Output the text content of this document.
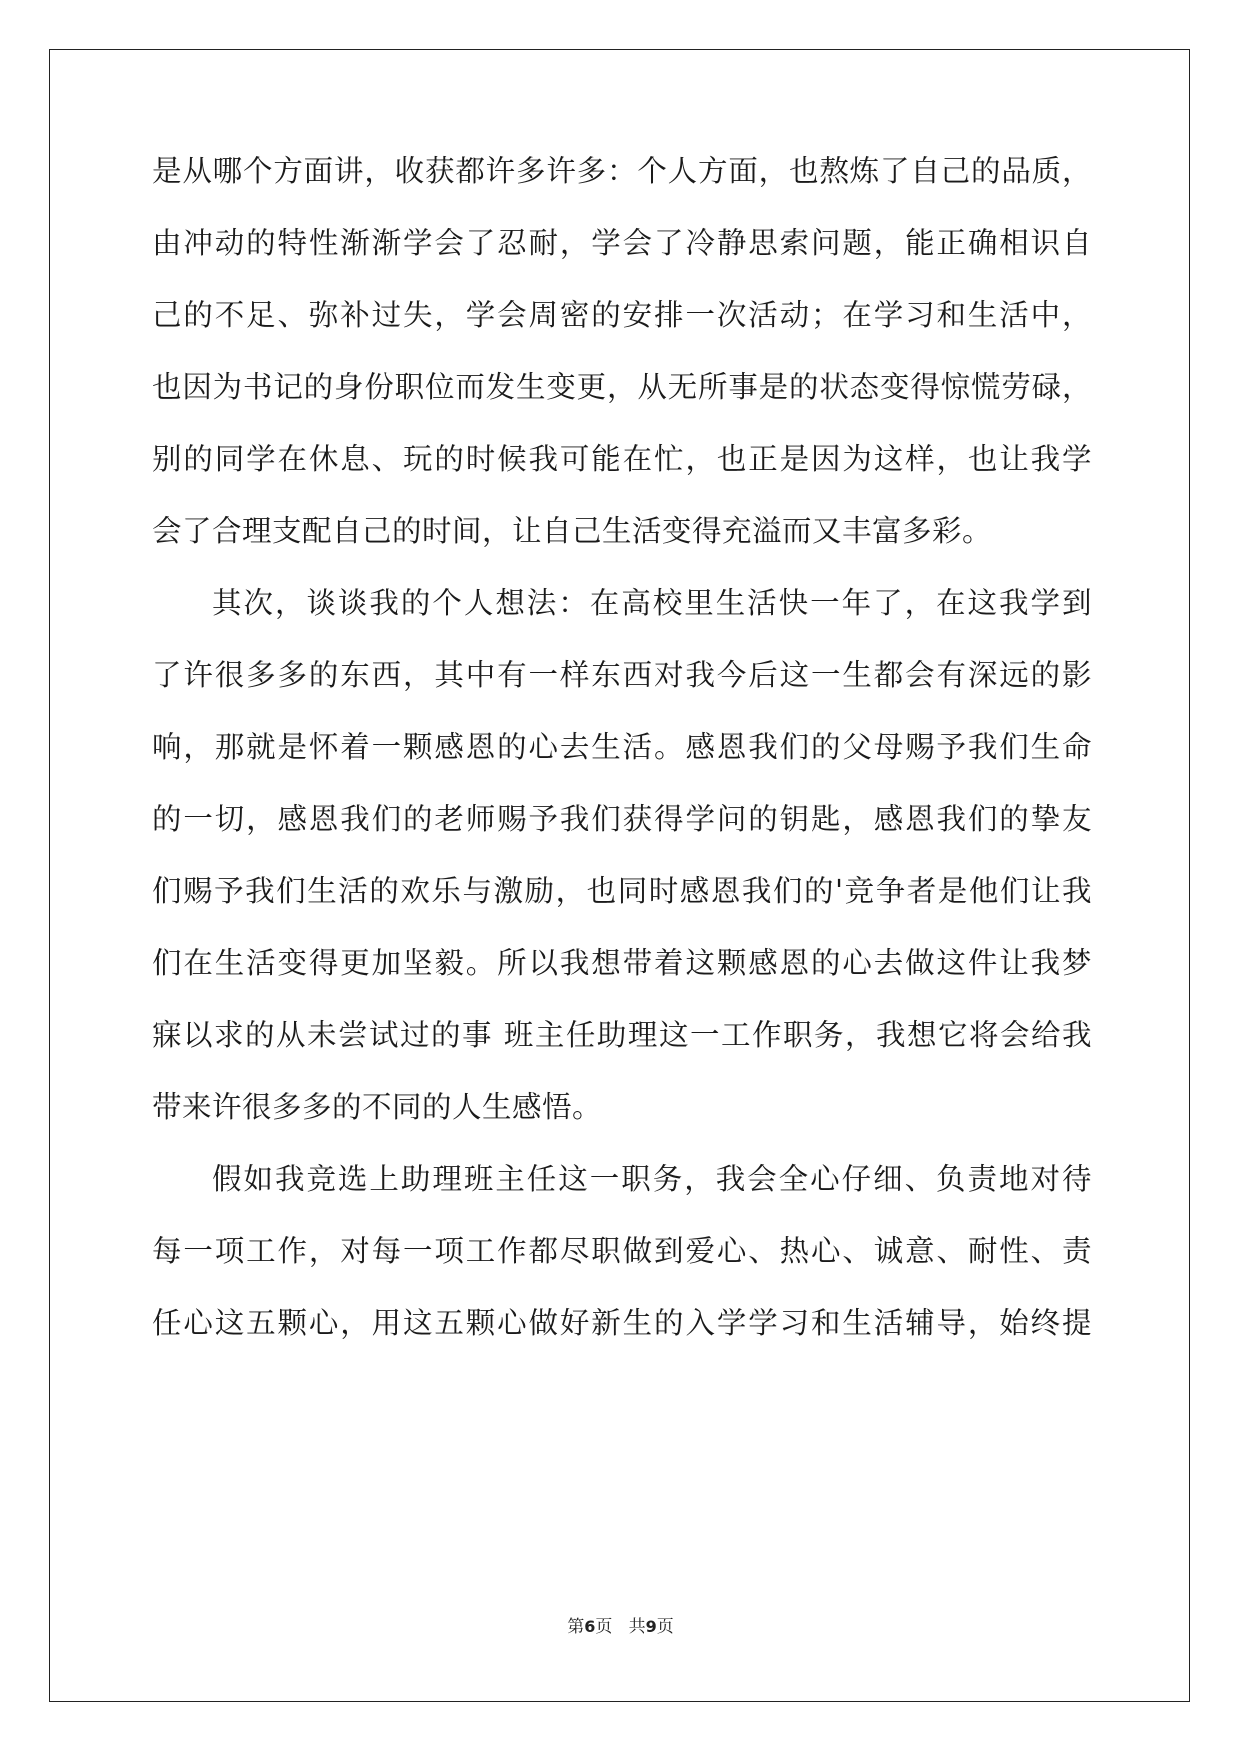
是从哪个方面讲，收获都许多许多：个人方面，也熬炼了自己的品质，
由冲动的特性渐渐学会了忍耐，学会了冷静思索问题，能正确相识自
己的不足、弥补过失，学会周密的安排一次活动；在学习和生活中，
也因为书记的身份职位而发生变更，从无所事是的状态变得惊慌劳碌，
别的同学在休息、玩的时候我可能在忙，也正是因为这样，也让我学
会了合理支配自己的时间，让自己生活变得充溢而又丰富多彩。
其次，谈谈我的个人想法：在高校里生活快一年了，在这我学到
了许很多多的东西，其中有一样东西对我今后这一生都会有深远的影
响，那就是怀着一颗感恩的心去生活。感恩我们的父母赐予我们生命
的一切，感恩我们的老师赐予我们获得学问的钥匙，感恩我们的挚友
们赐予我们生活的欢乐与激励，也同时感恩我们的'竞争者是他们让我
们在生活变得更加坚毅。所以我想带着这颗感恩的心去做这件让我梦
寐以求的从未尝试过的事 班主任助理这一工作职务，我想它将会给我
带来许很多多的不同的人生感悟。
假如我竞选上助理班主任这一职务，我会全心仔细、负责地对待
每一项工作，对每一项工作都尽职做到爱心、热心、诚意、耐性、责
任心这五颗心，用这五颗心做好新生的入学学习和生活辅导，始终提
第6页 共9页
